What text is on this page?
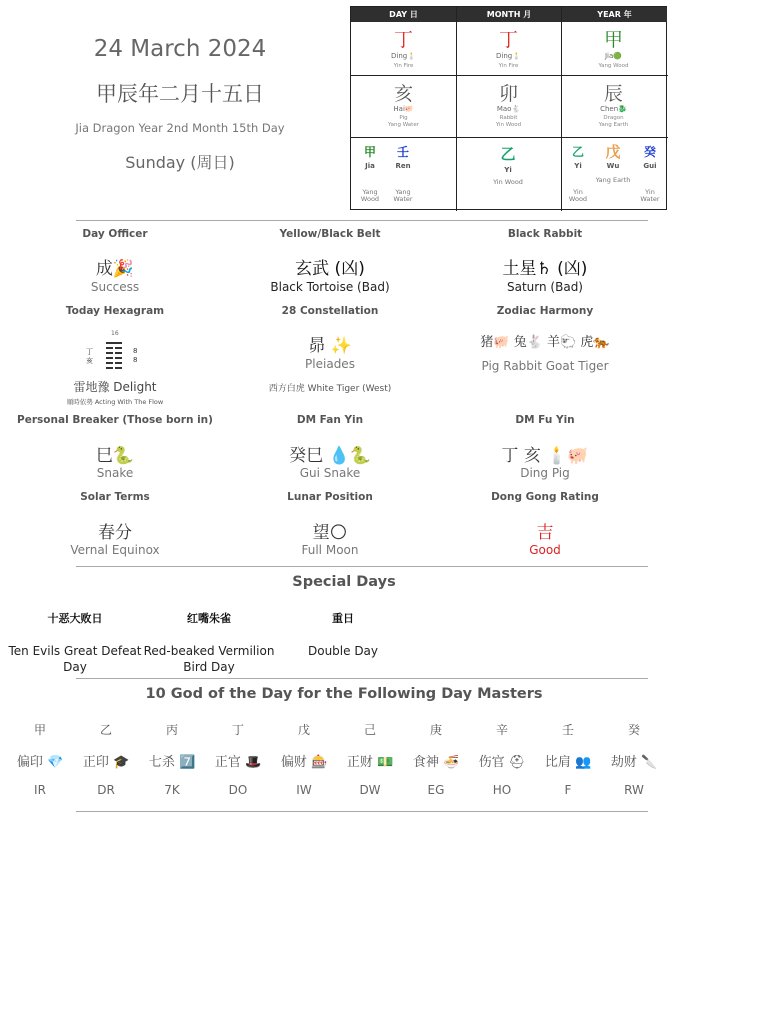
24 March 2024
甲辰年二月十五日
Jia Dragon Year 2nd Month 15th Day
Sunday (周日)
DAY 日	MONTH 月	YEAR 年
丁
Ding🕯️
Yin Fire
丁
Ding🕯️
Yin Fire
甲
Jia🟢
Yang Wood
亥
Hai🐖
Pig
Yang Water
卯
Mao🐇
Rabbit
Yin Wood
辰
Chen🐉
Dragon
Yang Earth
甲
Jia
Yang Wood
壬
Ren
Yang Water
乙
Yi
Yin Wood
乙
Yi
Yin Wood
戊
Wu
Yang Earth
癸
Gui
Yin Water
Day Officer
成🎉
Success
Yellow/Black Belt
玄武 (凶)
Black Tortoise (Bad)
Black Rabbit
土星♄ (凶)
Saturn (Bad)
Today Hexagram
16
丁
亥
8
8
雷地豫 Delight
順時依勢 Acting With The Flow
28 Constellation
昴 ✨
Pleiades
西方白虎 White Tiger (West)
Zodiac Harmony
猪🐖 兔🐇 羊🐑 虎🐅
Pig Rabbit Goat Tiger
Personal Breaker (Those born in)
巳🐍
Snake
DM Fan Yin
癸巳 💧🐍
Gui Snake
DM Fu Yin
丁 亥 🕯️🐖
Ding Pig
Solar Terms
春分
Vernal Equinox
Lunar Position
望🌕
Full Moon
Dong Gong Rating
吉
Good
Special Days
十恶大败日
Ten Evils Great Defeat Day
红嘴朱雀
Red-beaked Vermilion Bird Day
重日
Double Day
10 God of the Day for the Following Day Masters
甲
偏印 💎
IR
乙
正印 🎓
DR
丙
七杀 7️⃣
7K
丁
正官 🎩
DO
戊
偏财 🎰
IW
己
正财 💵
DW
庚
食神 🍜
EG
辛
伤官 ⛑
HO
壬
比肩 👥
F
癸
劫财 🔪
RW
